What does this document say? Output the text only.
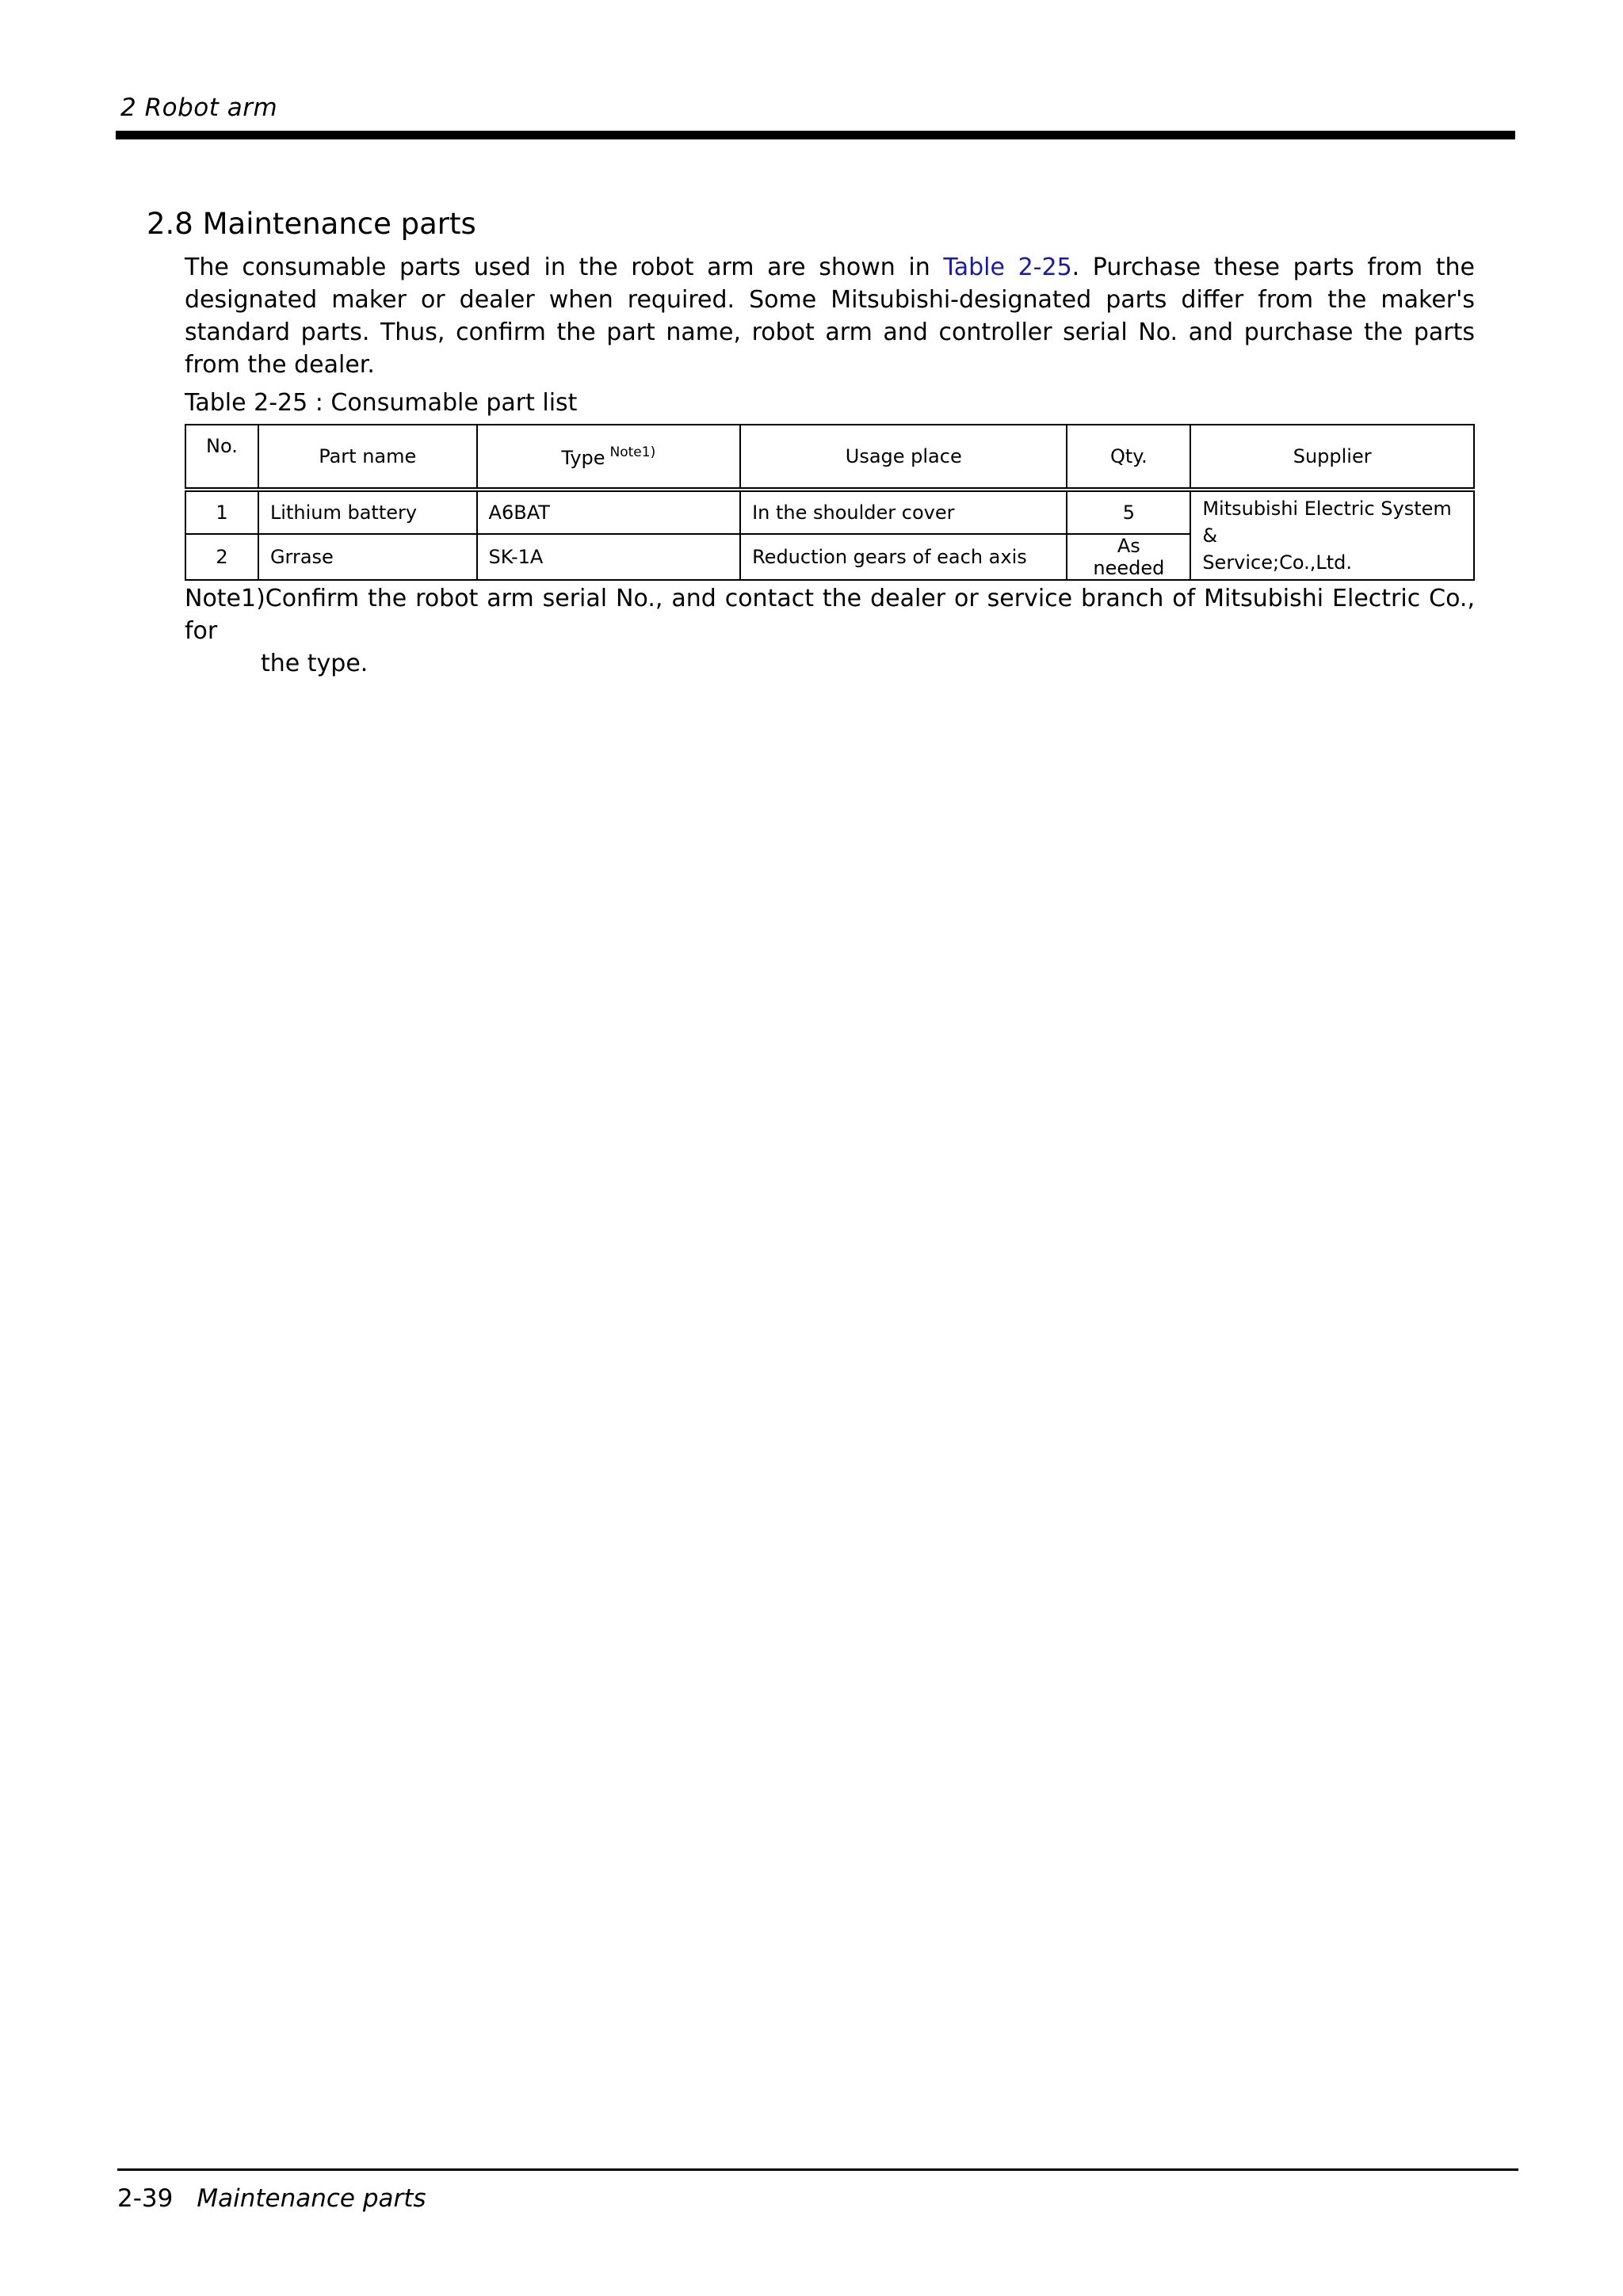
2 Robot arm
2.8 Maintenance parts
The consumable parts used in the robot arm are shown in Table 2-25. Purchase these parts from the designated maker or dealer when required. Some Mitsubishi-designated parts differ from the maker's standard parts. Thus, confirm the part name, robot arm and controller serial No. and purchase the parts from the dealer.
Table 2-25 : Consumable part list
No.	Part name	Type $^{Note1)}$	Usage place	Qty.	Supplier
1	Lithium battery	A6BAT	In the shoulder cover	5	Mitsubishi Electric System &
Service;Co.,Ltd.
2	Grrase	SK-1A	Reduction gears of each axis	As needed	
Note1)Confirm the robot arm serial No., and contact the dealer or service branch of Mitsubishi Electric Co., for
the type.
2-39 Maintenance parts
